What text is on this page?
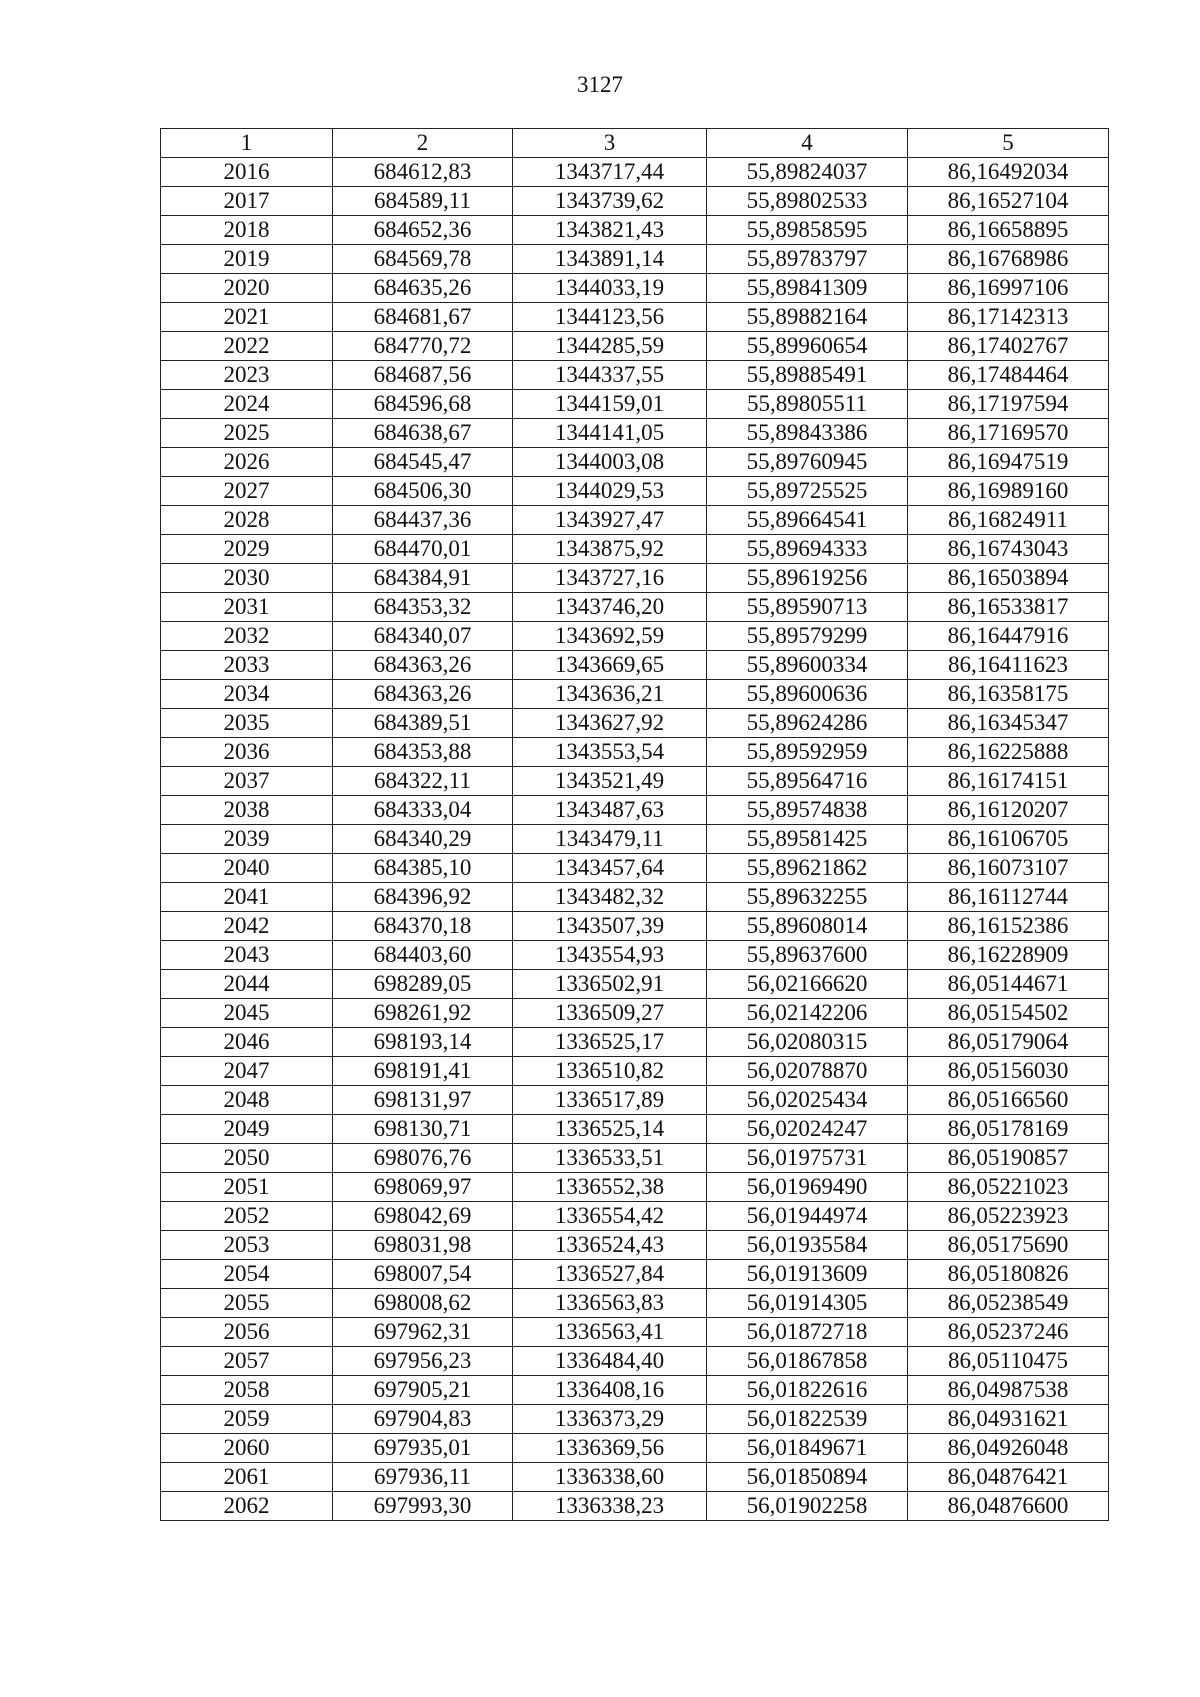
3127
1	2	3	4	5
2016	684612,83	1343717,44	55,89824037	86,16492034
2017	684589,11	1343739,62	55,89802533	86,16527104
2018	684652,36	1343821,43	55,89858595	86,16658895
2019	684569,78	1343891,14	55,89783797	86,16768986
2020	684635,26	1344033,19	55,89841309	86,16997106
2021	684681,67	1344123,56	55,89882164	86,17142313
2022	684770,72	1344285,59	55,89960654	86,17402767
2023	684687,56	1344337,55	55,89885491	86,17484464
2024	684596,68	1344159,01	55,89805511	86,17197594
2025	684638,67	1344141,05	55,89843386	86,17169570
2026	684545,47	1344003,08	55,89760945	86,16947519
2027	684506,30	1344029,53	55,89725525	86,16989160
2028	684437,36	1343927,47	55,89664541	86,16824911
2029	684470,01	1343875,92	55,89694333	86,16743043
2030	684384,91	1343727,16	55,89619256	86,16503894
2031	684353,32	1343746,20	55,89590713	86,16533817
2032	684340,07	1343692,59	55,89579299	86,16447916
2033	684363,26	1343669,65	55,89600334	86,16411623
2034	684363,26	1343636,21	55,89600636	86,16358175
2035	684389,51	1343627,92	55,89624286	86,16345347
2036	684353,88	1343553,54	55,89592959	86,16225888
2037	684322,11	1343521,49	55,89564716	86,16174151
2038	684333,04	1343487,63	55,89574838	86,16120207
2039	684340,29	1343479,11	55,89581425	86,16106705
2040	684385,10	1343457,64	55,89621862	86,16073107
2041	684396,92	1343482,32	55,89632255	86,16112744
2042	684370,18	1343507,39	55,89608014	86,16152386
2043	684403,60	1343554,93	55,89637600	86,16228909
2044	698289,05	1336502,91	56,02166620	86,05144671
2045	698261,92	1336509,27	56,02142206	86,05154502
2046	698193,14	1336525,17	56,02080315	86,05179064
2047	698191,41	1336510,82	56,02078870	86,05156030
2048	698131,97	1336517,89	56,02025434	86,05166560
2049	698130,71	1336525,14	56,02024247	86,05178169
2050	698076,76	1336533,51	56,01975731	86,05190857
2051	698069,97	1336552,38	56,01969490	86,05221023
2052	698042,69	1336554,42	56,01944974	86,05223923
2053	698031,98	1336524,43	56,01935584	86,05175690
2054	698007,54	1336527,84	56,01913609	86,05180826
2055	698008,62	1336563,83	56,01914305	86,05238549
2056	697962,31	1336563,41	56,01872718	86,05237246
2057	697956,23	1336484,40	56,01867858	86,05110475
2058	697905,21	1336408,16	56,01822616	86,04987538
2059	697904,83	1336373,29	56,01822539	86,04931621
2060	697935,01	1336369,56	56,01849671	86,04926048
2061	697936,11	1336338,60	56,01850894	86,04876421
2062	697993,30	1336338,23	56,01902258	86,04876600
